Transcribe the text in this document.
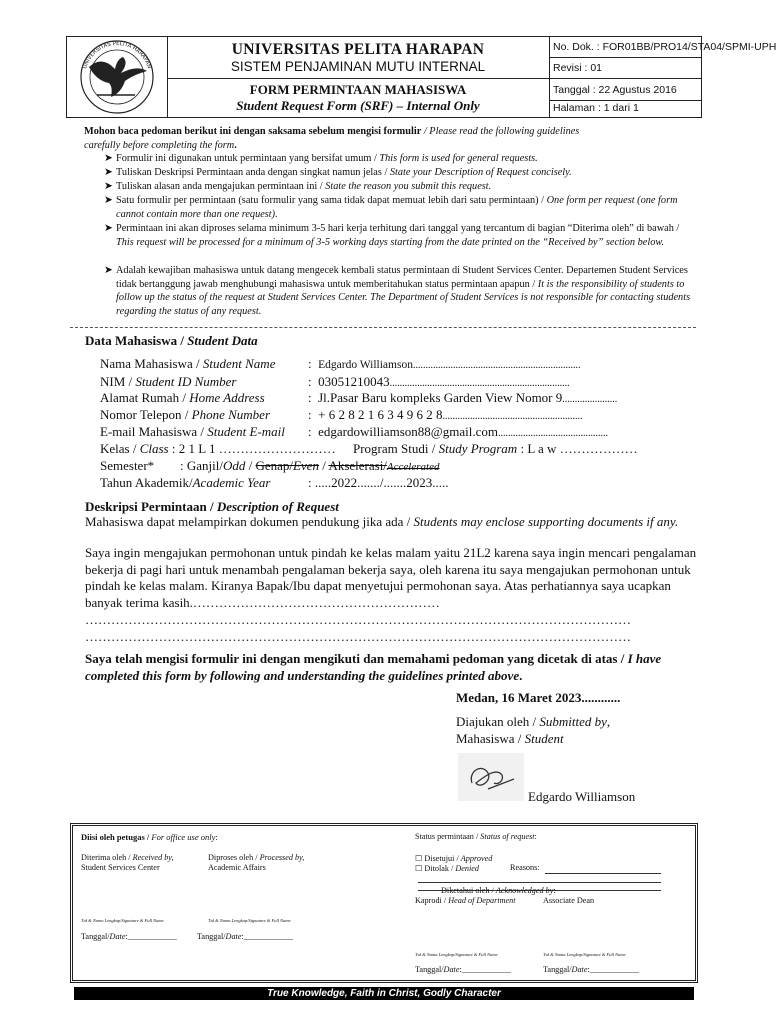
UNIVERSITAS PELITA HARAPAN
UNIVERSITAS PELITA HARAPAN
SISTEM PENJAMINAN MUTU INTERNAL
FORM PERMINTAAN MAHASISWA
Student Request Form (SRF) – Internal Only
No. Dok. : FOR01BB/PRO14/STA04/SPMI-UPH
Revisi : 01
Tanggal : 22 Agustus 2016
Halaman : 1 dari 1
Mohon baca pedoman berikut ini dengan saksama sebelum mengisi formulir / Please read the following guidelines
carefully before completing the form.
➤ Formulir ini digunakan untuk permintaan yang bersifat umum / This form is used for general requests.
➤ Tuliskan Deskripsi Permintaan anda dengan singkat namun jelas / State your Description of Request concisely.
➤ Tuliskan alasan anda mengajukan permintaan ini / State the reason you submit this request.
➤ Satu formulir per permintaan (satu formulir yang sama tidak dapat memuat lebih dari satu permintaan) / One form per request (one form cannot contain more than one request).
➤ Permintaan ini akan diproses selama minimum 3-5 hari kerja terhitung dari tanggal yang tercantum di bagian “Diterima oleh” di bawah / This request will be processed for a minimum of 3-5 working days starting from the date printed on the “Received by” section below.
➤ Adalah kewajiban mahasiswa untuk datang mengecek kembali status permintaan di Student Services Center. Departemen Student Services tidak bertanggung jawab menghubungi mahasiswa untuk memberitahukan status permintaan apapun / It is the responsibility of students to follow up the status of the request at Student Services Center. The Department of Student Services is not responsible for contacting students regarding the status of any request.
Data Mahasiswa / Student Data
Nama Mahasiswa / Student Name	:  Edgardo Williamson...................................................................
NIM / Student ID Number	:  03051210043........................................................................
Alamat Rumah / Home Address	:  Jl.Pasar Baru kompleks Garden View Nomor 9......................
Nomor Telepon / Phone Number	:  + 6 2 8 2 1 6 3 4 9 6 2 8........................................................
E-mail Mahasiswa / Student E-mail :  edgardowilliamson88@gmail.com............................................
Kelas / Class : 2 1 L 1 ……………………… Program Studi / Study Program : L a w ………………
Semester* : Ganjil/Odd / Genap/Even / Akselerasi/Accelerated
Tahun Akademik/Academic Year	: .....2022......./.......2023.....
Deskripsi Permintaan / Description of Request
Mahasiswa dapat melampirkan dokumen pendukung jika ada / Students may enclose supporting documents if any.
Saya ingin mengajukan permohonan untuk pindah ke kelas malam yaitu 21L2 karena saya ingin mencari pengalaman bekerja di pagi hari untuk menambah pengalaman bekerja saya, oleh karena itu saya mengajukan permohonan untuk pindah ke kelas malam. Kiranya Bapak/Ibu dapat menyetujui permohonan saya. Atas perhatiannya saya ucapkan banyak terima kasih.…………………………………………………
………………………………………………………………………………………………………………
………………………………………………………………………………………………………………
Saya telah mengisi formulir ini dengan mengikuti dan memahami pedoman yang dicetak di atas / I have completed this form by following and understanding the guidelines printed above.
Medan, 16 Maret 2023............
Diajukan oleh / Submitted by,
Mahasiswa / Student
Edgardo Williamson
Diisi oleh petugas / For office use only:
Diterima oleh / Received by,
Student Services Center
Diproses oleh / Processed by,
Academic Affairs
Ttd & Nama Lengkap/Signature & Full Name	Ttd & Nama Lengkap/Signature & Full Name
Tanggal/Date:____________ Tanggal/Date:____________
Status permintaan / Status of request:
☐ Disetujui / Approved
☐ Ditolak / Denied	Reasons:
Diketahui oleh / Acknowledged by:
Kaprodi / Head of Department	Associate Dean
Ttd & Nama Lengkap/Signature & Full Name	Ttd & Nama Lengkap/Signature & Full Name
Tanggal/Date:____________	Tanggal/Date:____________
True Knowledge, Faith in Christ, Godly Character
